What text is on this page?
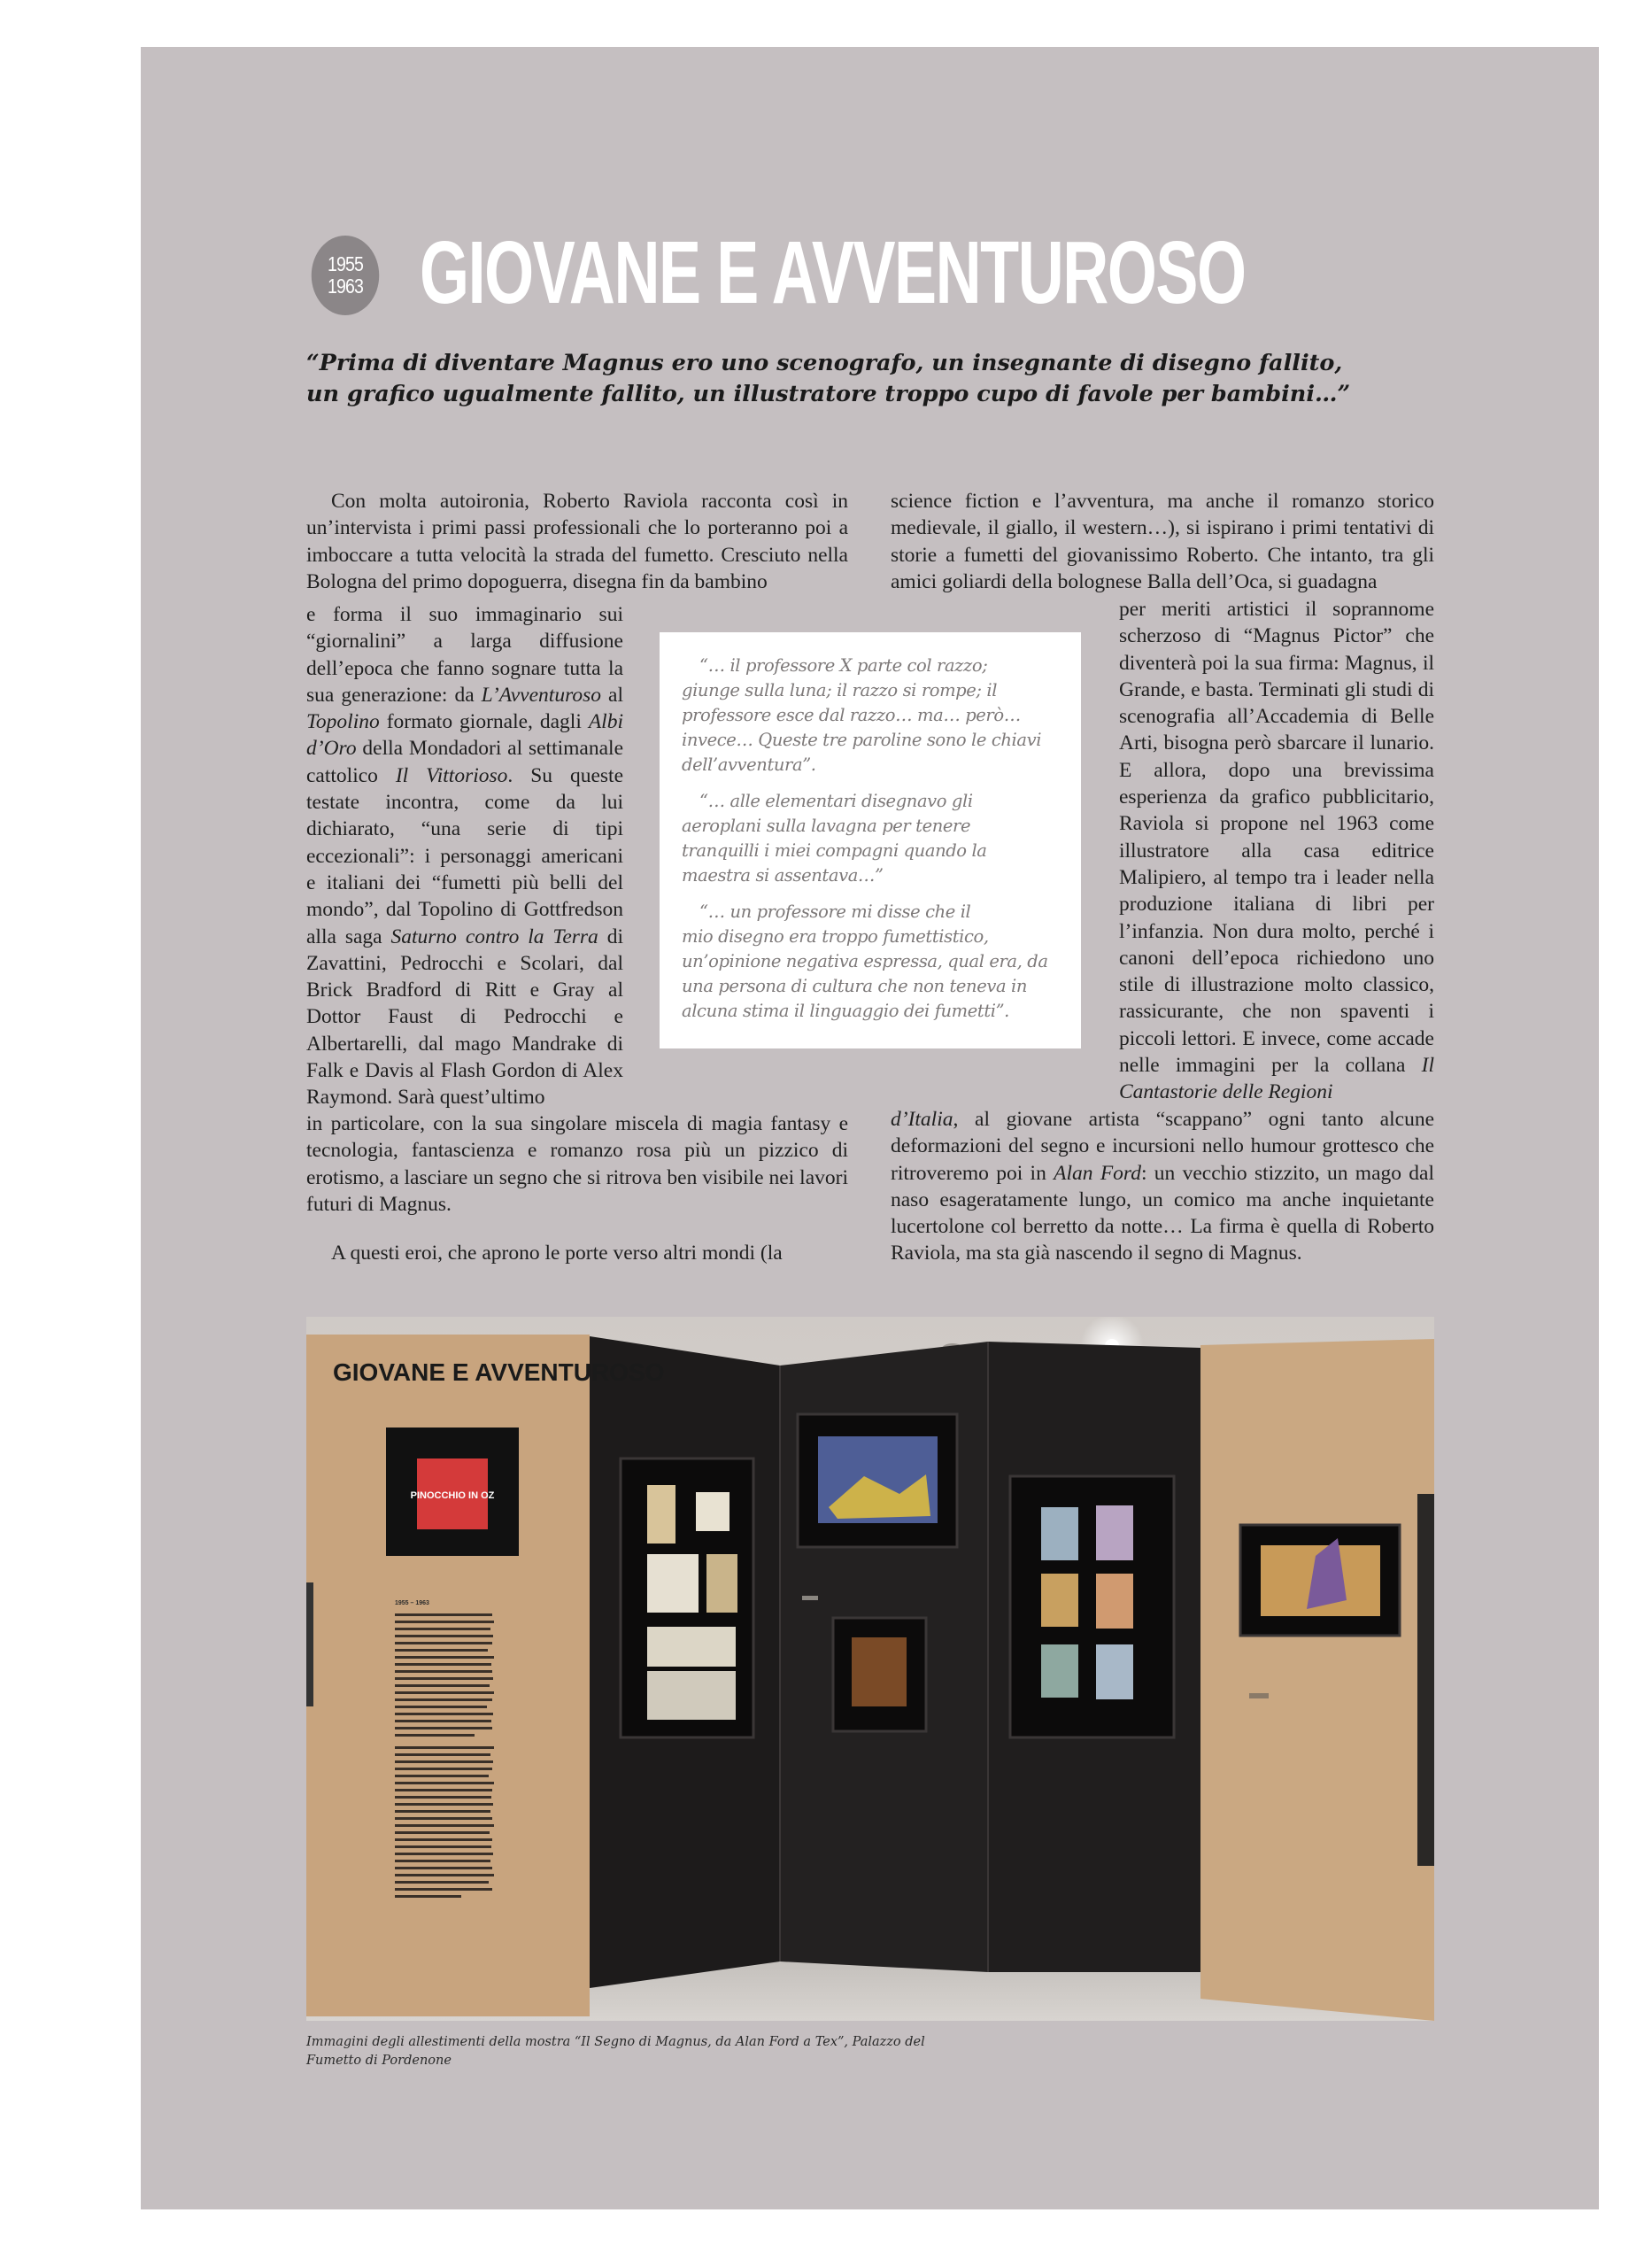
1955
1963 GIOVANE E AVVENTUROSO
“Prima di diventare Magnus ero uno scenografo, un insegnante di disegno fallito,
un grafico ugualmente fallito, un illustratore troppo cupo di favole per bambini…”

Con molta autoironia, Roberto Raviola racconta così in un’intervista i primi passi professionali che lo porteranno poi a imboccare a tutta velocità la strada del fumetto. Cresciuto nella Bologna del primo dopoguerra, disegna fin da bambino

e forma il suo immaginario sui “giornalini” a larga diffusione dell’epoca che fanno sognare tutta la sua generazione: da L’Avventuroso al Topolino formato giornale, dagli Albi d’Oro della Mondadori al settimanale cattolico Il Vittorioso. Su queste testate incontra, come da lui dichiarato, “una serie di tipi eccezionali”: i personaggi americani e italiani dei “fumetti più belli del mondo”, dal Topolino di Gottfredson alla saga Saturno contro la Terra di Zavattini, Pedrocchi e Scolari, dal Brick Bradford di Ritt e Gray al Dottor Faust di Pedrocchi e Albertarelli, dal mago Mandrake di Falk e Davis al Flash Gordon di Alex Raymond. Sarà quest’ultimo

in particolare, con la sua singolare miscela di magia fantasy e tecnologia, fantascienza e romanzo rosa più un pizzico di erotismo, a lasciare un segno che si ritrova ben visibile nei lavori futuri di Magnus.

A questi eroi, che aprono le porte verso altri mondi (la

science fiction e l’avventura, ma anche il romanzo storico medievale, il giallo, il western…), si ispirano i primi tentativi di storie a fumetti del giovanissimo Roberto. Che intanto, tra gli amici goliardi della bolognese Balla dell’Oca, si guadagna

per meriti artistici il soprannome scherzoso di “Magnus Pictor” che diventerà poi la sua firma: Magnus, il Grande, e basta. Terminati gli studi di scenografia all’Accademia di Belle Arti, bisogna però sbarcare il lunario. E allora, dopo una brevissima esperienza da grafico pubblicitario, Raviola si propone nel 1963 come illustratore alla casa editrice Malipiero, al tempo tra i leader nella produzione italiana di libri per l’infanzia. Non dura molto, perché i canoni dell’epoca richiedono uno stile di illustrazione molto classico, rassicurante, che non spaventi i piccoli lettori. E invece, come accade nelle immagini per la collana Il Cantastorie delle Regioni

d’Italia, al giovane artista “scappano” ogni tanto alcune deformazioni del segno e incursioni nello humour grottesco che ritroveremo poi in Alan Ford: un vecchio stizzito, un mago dal naso esageratamente lungo, un comico ma anche inquietante lucertolone col berretto da notte… La firma è quella di Roberto Raviola, ma sta già nascendo il segno di Magnus.

“… il professore X parte col razzo;
giunge sulla luna; il razzo si rompe; il
professore esce dal razzo… ma… però…
invece… Queste tre paroline sono le chiavi
dell’avventura”.

“… alle elementari disegnavo gli
aeroplani sulla lavagna per tenere
tranquilli i miei compagni quando la
maestra si assentava…”

“… un professore mi disse che il
mio disegno era troppo fumettistico,
un’opinione negativa espressa, qual era, da
una persona di cultura che non teneva in
alcuna stima il linguaggio dei fumetti”.

GIOVANE E AVVENTUROSO
PINOCCHIO IN OZ
1955 – 1963
Immagini degli allestimenti della mostra “Il Segno di Magnus, da Alan Ford a Tex”, Palazzo del
Fumetto di Pordenone
